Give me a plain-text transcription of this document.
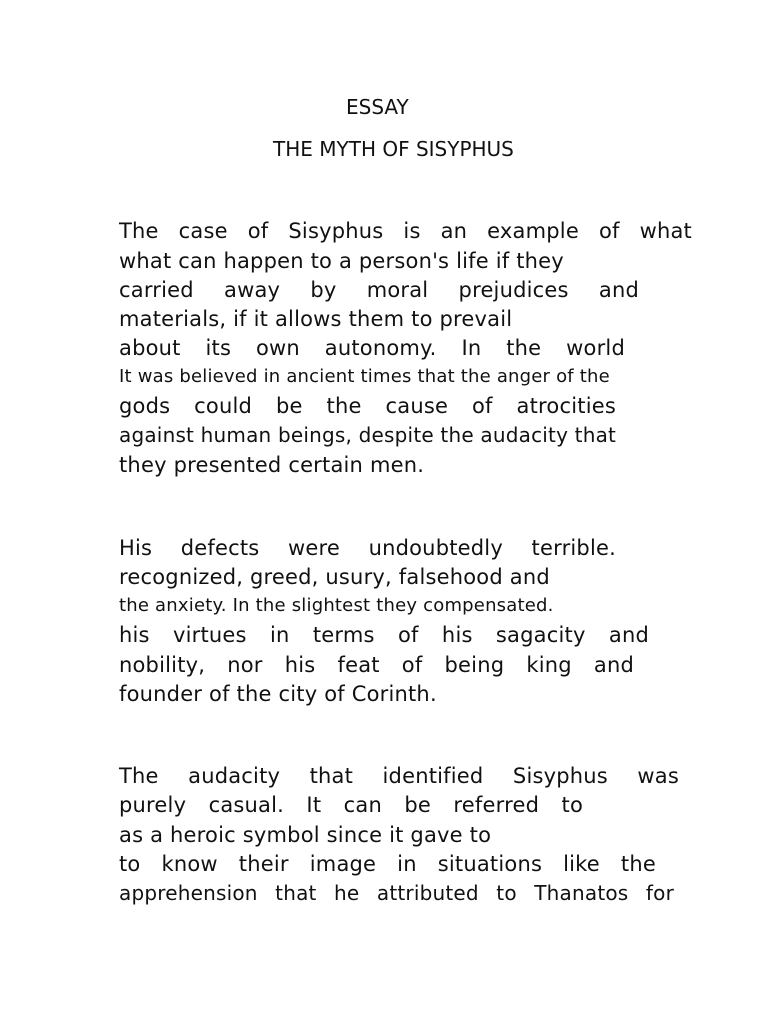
ESSAY
THE MYTH OF SISYPHUS
The case of Sisyphus is an example of what
what can happen to a person's life if they
carried away by moral prejudices and
materials, if it allows them to prevail
about its own autonomy. In the world
It was believed in ancient times that the anger of the
gods could be the cause of atrocities
against human beings, despite the audacity that
they presented certain men.
His defects were undoubtedly terrible.
recognized, greed, usury, falsehood and
the anxiety. In the slightest they compensated.
his virtues in terms of his sagacity and
nobility, nor his feat of being king and
founder of the city of Corinth.
The audacity that identified Sisyphus was
purely casual. It can be referred to
as a heroic symbol since it gave to
to know their image in situations like the
apprehension that he attributed to Thanatos for
